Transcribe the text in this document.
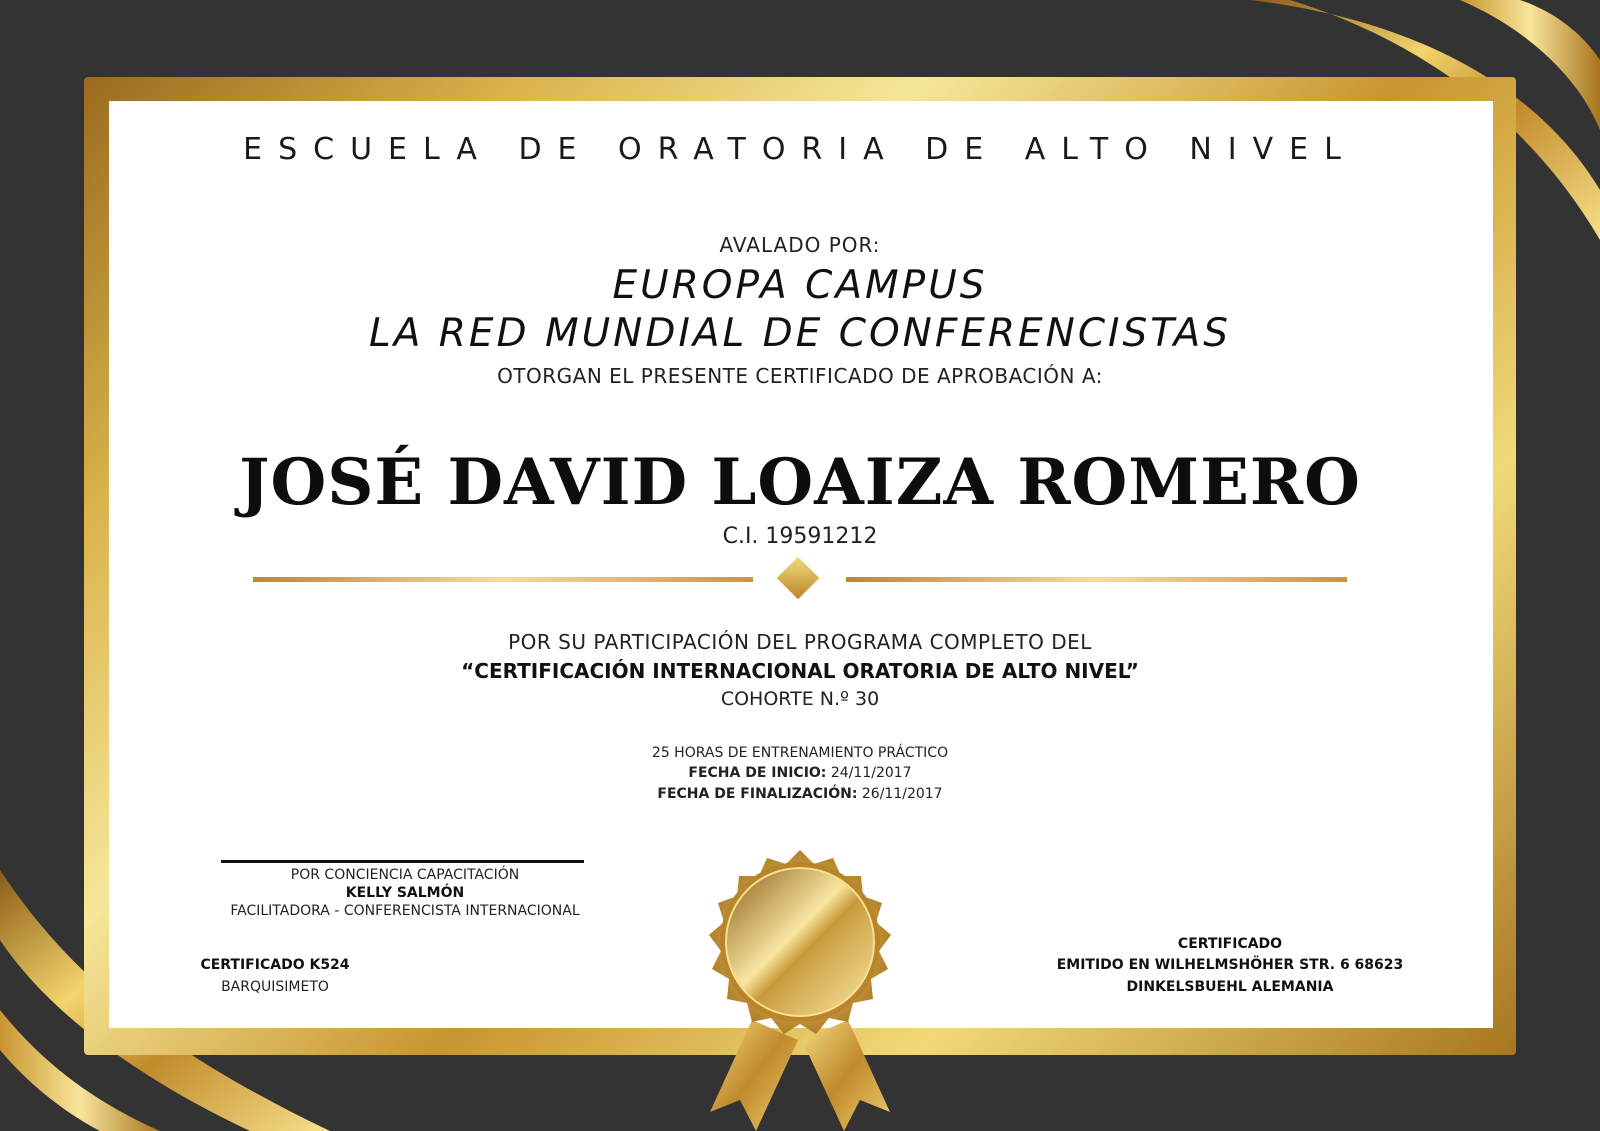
ESCUELA DE ORATORIA DE ALTO NIVEL

AVALADO POR:

EUROPA CAMPUS

LA RED MUNDIAL DE CONFERENCISTAS

OTORGAN EL PRESENTE CERTIFICADO DE APROBACIÓN A:

JOSÉ DAVID LOAIZA ROMERO

C.I. 19591212

POR SU PARTICIPACIÓN DEL PROGRAMA COMPLETO DEL

“CERTIFICACIÓN INTERNACIONAL ORATORIA DE ALTO NIVEL”

COHORTE N.º 30

25 HORAS DE ENTRENAMIENTO PRÁCTICO

FECHA DE INICIO: 24/11/2017

FECHA DE FINALIZACIÓN: 26/11/2017

POR CONCIENCIA CAPACITACIÓN

KELLY SALMÓN

FACILITADORA - CONFERENCISTA INTERNACIONAL

CERTIFICADO K524

BARQUISIMETO

CERTIFICADO

EMITIDO EN WILHELMSHÖHER STR. 6 68623

DINKELSBUEHL ALEMANIA
